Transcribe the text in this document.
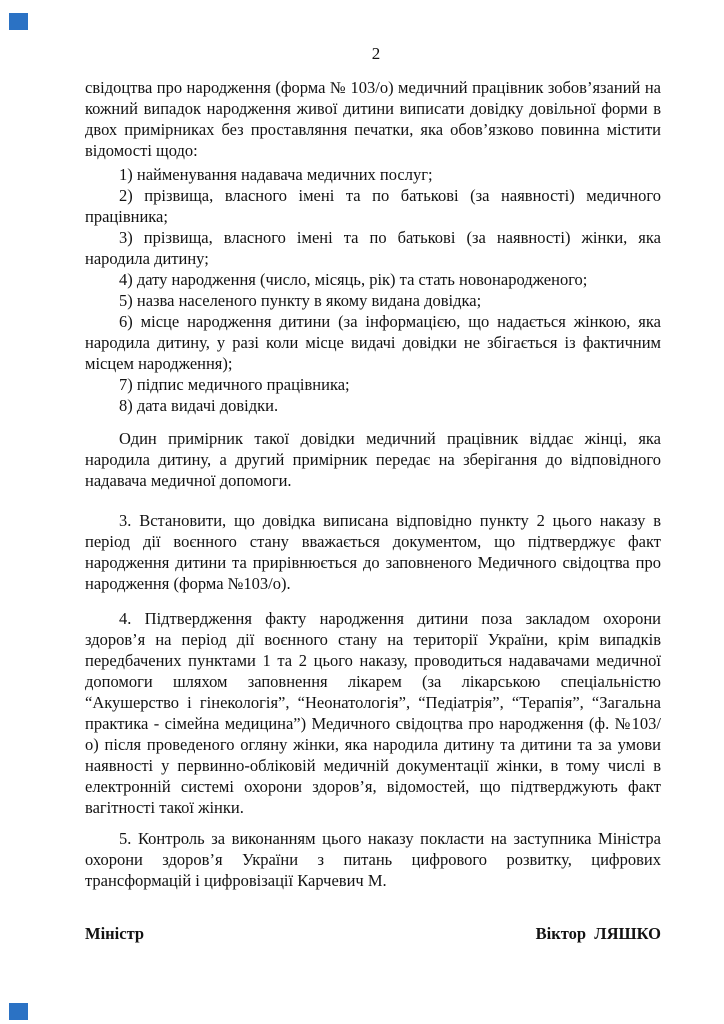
2

свідоцтва про народження (форма № 103/о) медичний працівник зобов’язаний на кожний випадок народження живої дитини виписати довідку довільної форми в двох примірниках без проставляння печатки, яка обов’язково повинна містити відомості щодо:

1) найменування надавача медичних послуг;

2) прізвища, власного імені та по батькові (за наявності) медичного працівника;

3) прізвища, власного імені та по батькові (за наявності) жінки, яка народила дитину;

4) дату народження (число, місяць, рік) та стать новонародженого;

5) назва населеного пункту в якому видана довідка;

6) місце народження дитини (за інформацією, що надається жінкою, яка народила дитину, у разі коли місце видачі довідки не збігається із фактичним місцем народження);

7) підпис медичного працівника;

8) дата видачі довідки.

Один примірник такої довідки медичний працівник віддає жінці, яка народила дитину, а другий примірник передає на зберігання до відповідного надавача медичної допомоги.

3. Встановити, що довідка виписана відповідно пункту 2 цього наказу в період дії воєнного стану вважається документом, що підтверджує факт народження дитини та прирівнюється до заповненого Медичного свідоцтва про народження (форма №103/о).

4. Підтвердження факту народження дитини поза закладом охорони здоров’я на період дії воєнного стану на території України, крім випадків передбачених пунктами 1 та 2 цього наказу, проводиться надавачами медичної допомоги шляхом заповнення лікарем (за лікарською спеціальністю “Акушерство і гінекологія”, “Неонатологія”, “Педіатрія”, “Терапія”, “Загальна практика - сімейна медицина”) Медичного свідоцтва про народження (ф. №103/о) після проведеного огляну жінки, яка народила дитину та дитини та за умови наявності у первинно-обліковій медичній документації жінки, в тому числі в електронній системі охорони здоров’я, відомостей, що підтверджують факт вагітності такої жінки.

5. Контроль за виконанням цього наказу покласти на заступника Міністра охорони здоров’я України з питань цифрового розвитку, цифрових трансформацій і цифровізації Карчевич М.

Міністр	Віктор  ЛЯШКО
